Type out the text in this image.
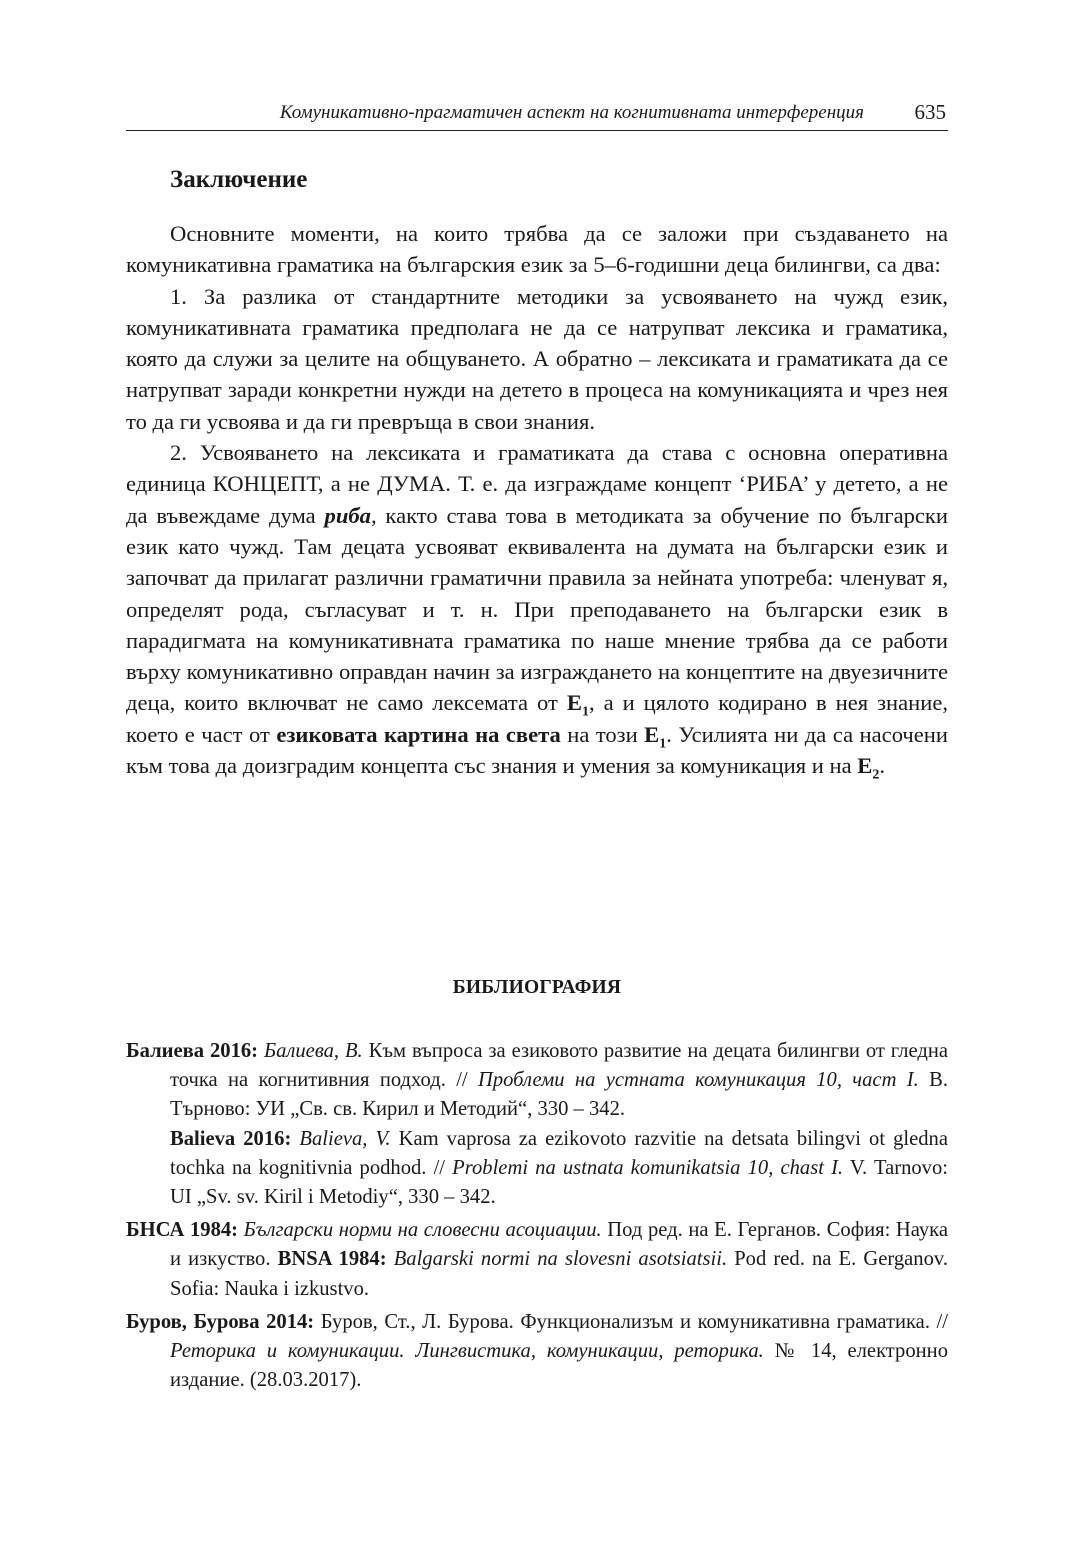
Комуникативно-прагматичен аспект на когнитивната интерференция 635
Заключение

Основните моменти, на които трябва да се заложи при създаването на комуникативна граматика на българския език за 5–6-годишни деца билингви, са два:

1. За разлика от стандартните методики за усвояването на чужд език, комуникативната граматика предполага не да се натрупват лексика и граматика, която да служи за целите на общуването. А обратно – лексиката и граматиката да се натрупват заради конкретни нужди на детето в процеса на комуникацията и чрез нея то да ги усвоява и да ги превръща в свои знания.

2. Усвояването на лексиката и граматиката да става с основна оперативна единица КОНЦЕПТ, а не ДУМА. Т. е. да изграждаме концепт ‘РИБА’ у детето, а не да въвеждаме дума риба, както става това в методиката за обучение по български език като чужд. Там децата усвояват еквивалента на думата на български език и започват да прилагат различни граматични правила за нейната употреба: членуват я, определят рода, съгласуват и т. н. При преподаването на български език в парадигмата на комуникативната граматика по наше мнение трябва да се работи върху комуникативно оправдан начин за изграждането на концептите на двуезичните деца, които включват не само лексемата от $Е_1$, а и цялото кодирано в нея знание, което е част от езиковата картина на света на този $Е_1$. Усилията ни да са насочени към това да доизградим концепта със знания и умения за комуникация и на $Е_2$.

БИБЛИОГРАФИЯ

Балиева 2016: Балиева, В. Към въпроса за езиковото развитие на децата билингви от гледна точка на когнитивния подход. // Проблеми на устната комуникация 10, част I. В. Търново: УИ „Св. св. Кирил и Методий“, 330 – 342.
Balieva 2016: Balieva, V. Kam vaprosa za ezikovoto razvitie na detsata bilingvi ot gledna tochka na kognitivnia podhod. // Problemi na ustnata komunikatsia 10, chast I. V. Tarnovo: UI „Sv. sv. Kiril i Metodiy“, 330 – 342.

БНСА 1984: Български норми на словесни асоциации. Под ред. на Е. Герганов. София: Наука и изкуство. BNSA 1984: Balgarski normi na slovesni asotsiatsii. Pod red. na E. Gerganov. Sofia: Nauka i izkustvo.

Буров, Бурова 2014: Буров, Ст., Л. Бурова. Функционализъм и комуникативна граматика. // Реторика и комуникации. Лингвистика, комуникации, реторика. № 14, електронно издание. (28.03.2017).
